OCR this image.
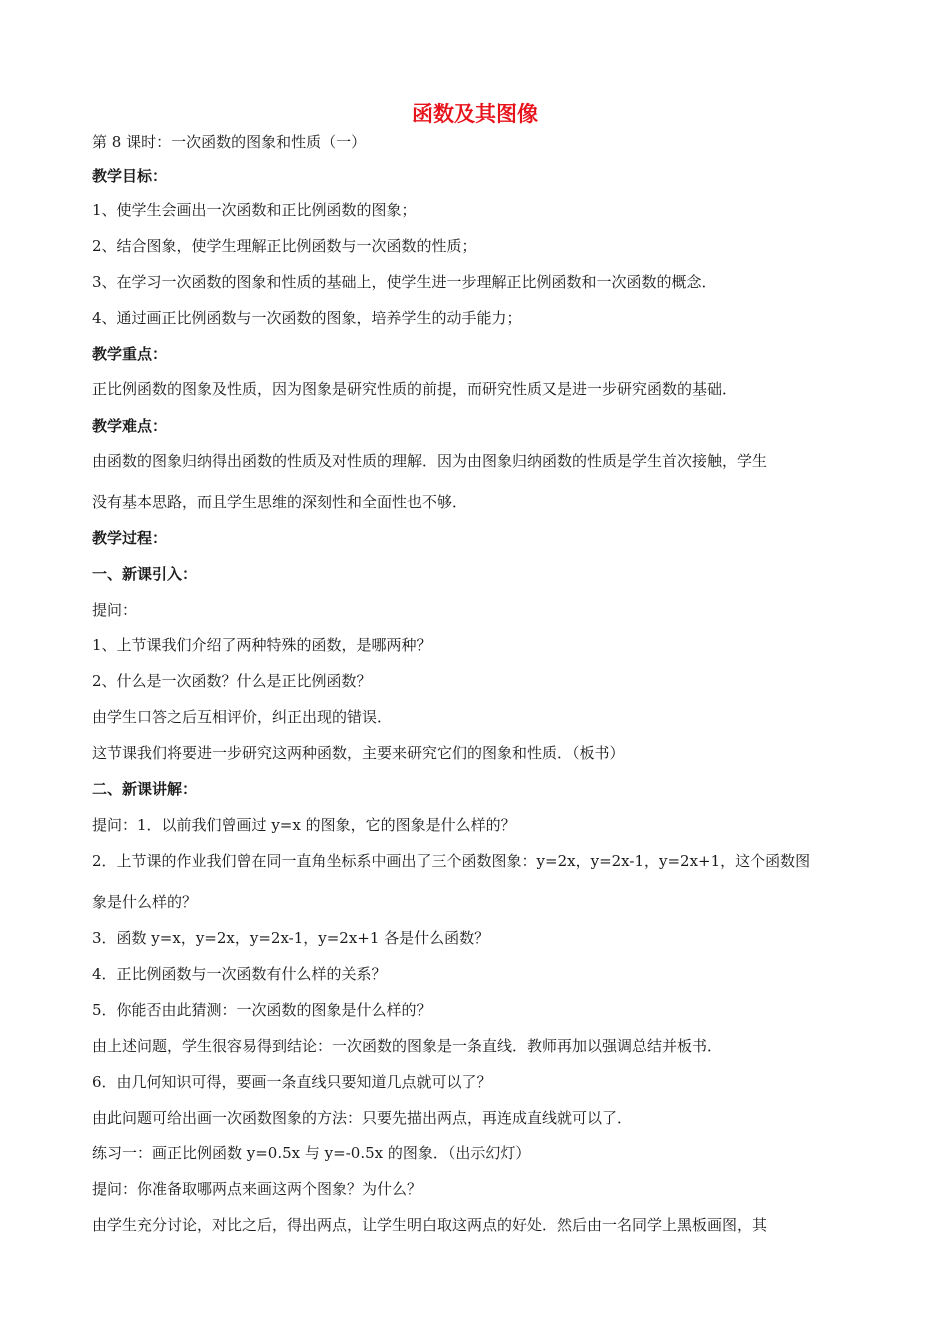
函数及其图像
第 8 课时：一次函数的图象和性质（一）
教学目标：
1、使学生会画出一次函数和正比例函数的图象；
2、结合图象，使学生理解正比例函数与一次函数的性质；
3、在学习一次函数的图象和性质的基础上，使学生进一步理解正比例函数和一次函数的概念．
4、通过画正比例函数与一次函数的图象，培养学生的动手能力；
教学重点：
正比例函数的图象及性质，因为图象是研究性质的前提，而研究性质又是进一步研究函数的基础．
教学难点：
由函数的图象归纳得出函数的性质及对性质的理解．因为由图象归纳函数的性质是学生首次接触，学生
没有基本思路，而且学生思维的深刻性和全面性也不够．
教学过程：
一、新课引入：
提问：
1、上节课我们介绍了两种特殊的函数，是哪两种？
2、什么是一次函数？什么是正比例函数？
由学生口答之后互相评价，纠正出现的错误．
这节课我们将要进一步研究这两种函数，主要来研究它们的图象和性质．（板书）
二、新课讲解：
提问：1．以前我们曾画过 y=x 的图象，它的图象是什么样的？
2．上节课的作业我们曾在同一直角坐标系中画出了三个函数图象：y=2x，y=2x-1，y=2x+1，这个函数图
象是什么样的？
3．函数 y=x，y=2x，y=2x-1，y=2x+1 各是什么函数？
4．正比例函数与一次函数有什么样的关系？
5．你能否由此猜测：一次函数的图象是什么样的？
由上述问题，学生很容易得到结论：一次函数的图象是一条直线．教师再加以强调总结并板书．
6．由几何知识可得，要画一条直线只要知道几点就可以了？
由此问题可给出画一次函数图象的方法：只要先描出两点，再连成直线就可以了．
练习一：画正比例函数 y=0.5x 与 y=-0.5x 的图象．（出示幻灯）
提问：你准备取哪两点来画这两个图象？为什么？
由学生充分讨论，对比之后，得出两点，让学生明白取这两点的好处．然后由一名同学上黑板画图，其
